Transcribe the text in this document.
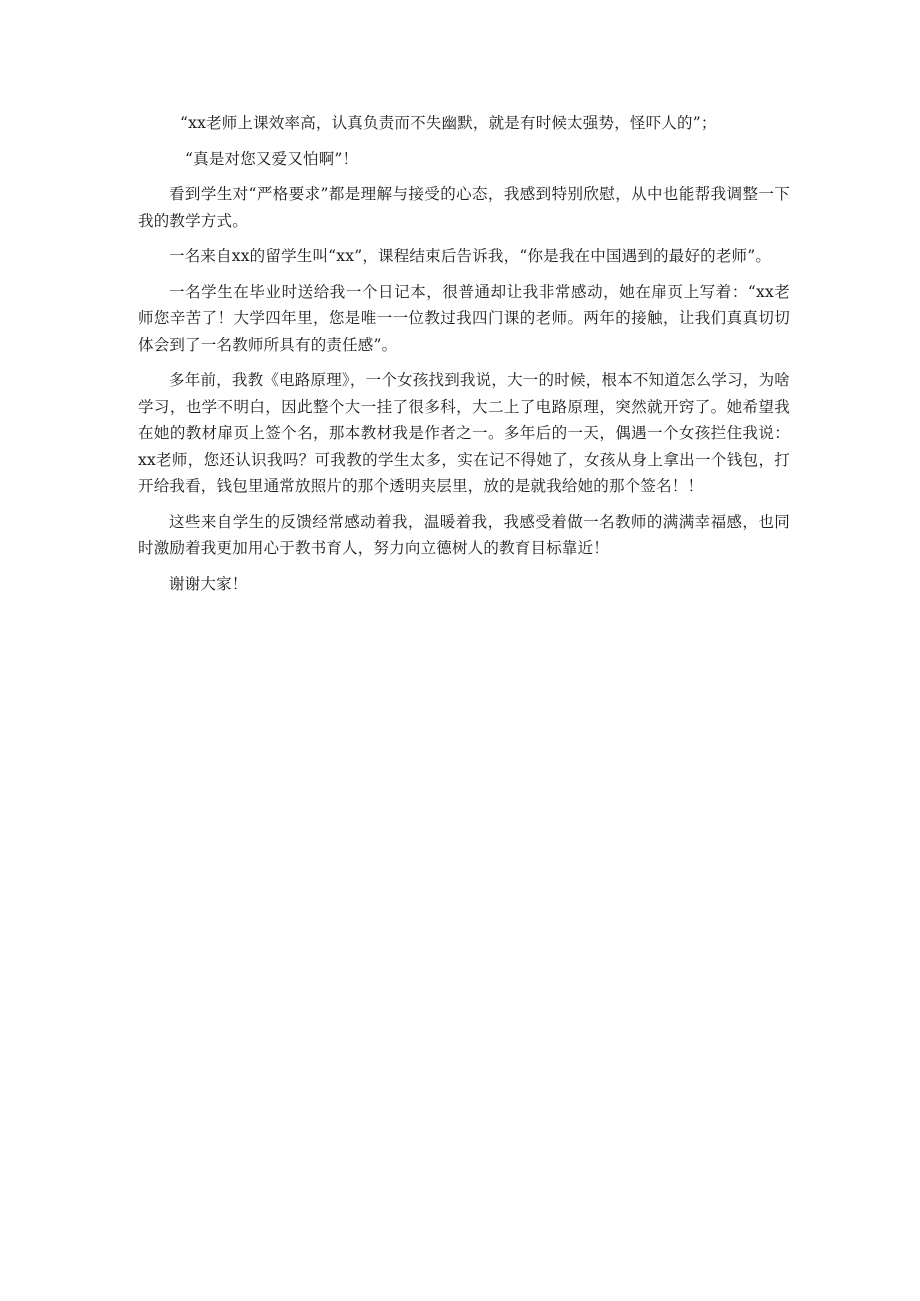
“xx老师上课效率高，认真负责而不失幽默，就是有时候太强势，怪吓人的”；

“真是对您又爱又怕啊”！

看到学生对“严格要求”都是理解与接受的心态，我感到特别欣慰，从中也能帮我调整一下我的教学方式。

一名来自xx的留学生叫“xx”，课程结束后告诉我，“你是我在中国遇到的最好的老师”。

一名学生在毕业时送给我一个日记本，很普通却让我非常感动，她在扉页上写着：“xx老师您辛苦了！大学四年里，您是唯一一位教过我四门课的老师。两年的接触，让我们真真切切体会到了一名教师所具有的责任感”。

多年前，我教《电路原理》，一个女孩找到我说，大一的时候，根本不知道怎么学习，为啥学习，也学不明白，因此整个大一挂了很多科，大二上了电路原理，突然就开窍了。她希望我在她的教材扉页上签个名，那本教材我是作者之一。多年后的一天，偶遇一个女孩拦住我说：xx老师，您还认识我吗？可我教的学生太多，实在记不得她了，女孩从身上拿出一个钱包，打开给我看，钱包里通常放照片的那个透明夹层里，放的是就我给她的那个签名！！

这些来自学生的反馈经常感动着我，温暖着我，我感受着做一名教师的满满幸福感，也同时激励着我更加用心于教书育人，努力向立德树人的教育目标靠近！

谢谢大家！
